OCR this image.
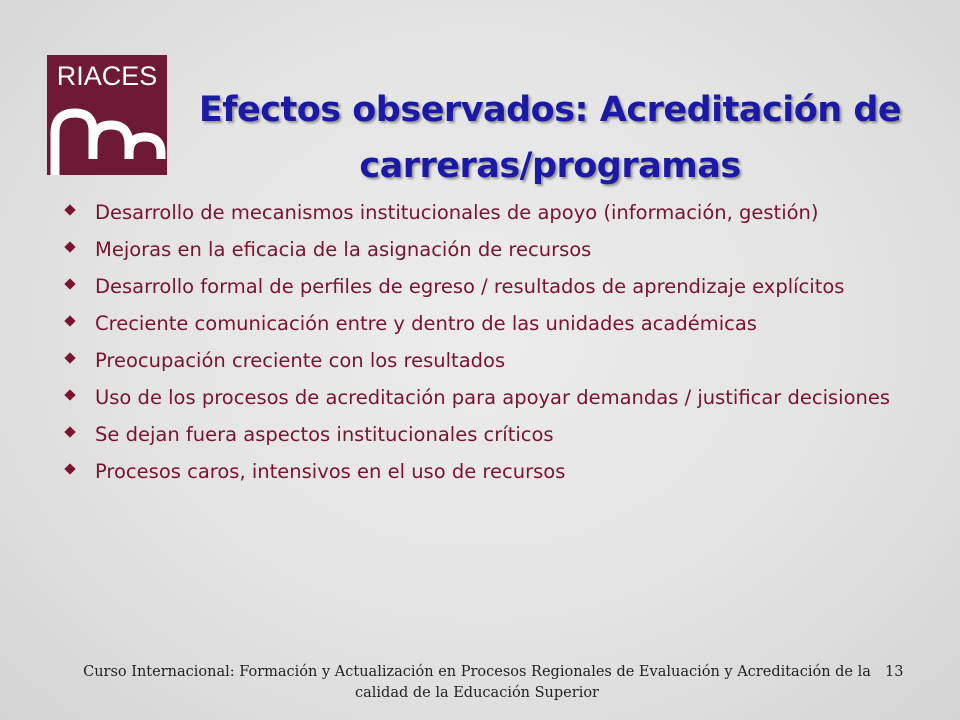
RIACES
Efectos observados: Acreditación de carreras/programas
Desarrollo de mecanismos institucionales de apoyo (información, gestión)
Mejoras en la eficacia de la asignación de recursos
Desarrollo formal de perfiles de egreso / resultados de aprendizaje explícitos
Creciente comunicación entre y dentro de las unidades académicas
Preocupación creciente con los resultados
Uso de los procesos de acreditación para apoyar demandas / justificar decisiones
Se dejan fuera aspectos institucionales críticos
Procesos caros, intensivos en el uso de recursos
Curso Internacional: Formación y Actualización en Procesos Regionales de Evaluación y Acreditación de la calidad de la Educación Superior
13
